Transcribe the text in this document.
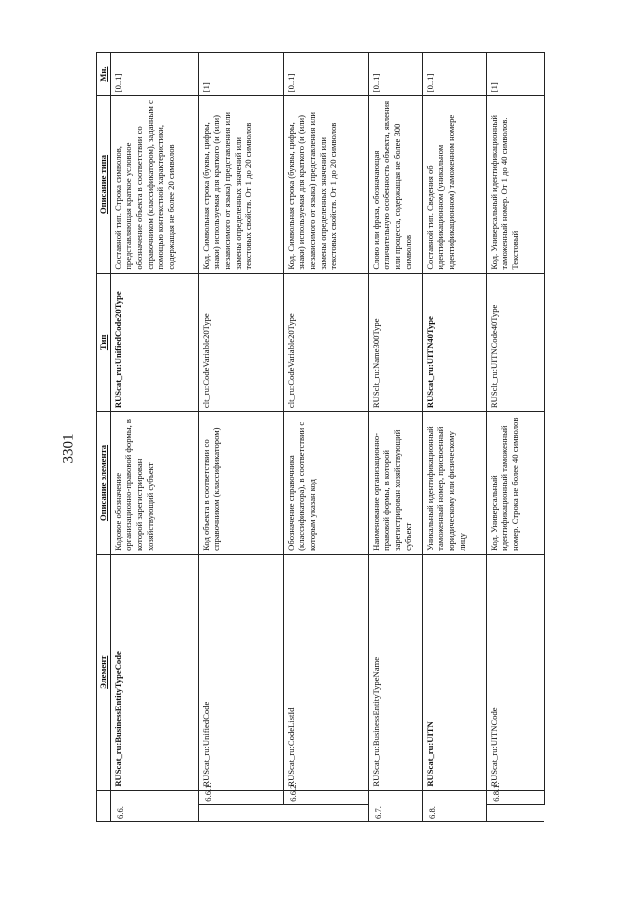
3301
		Элемент	Описание элемента	Тип	Описание типа	Мн.
6.6.		RUScat_ru:BusinessEntityTypeCode	Кодовое обозначение организационно-правовой формы, в которой зарегистрирован хозяйствующий субъект	RUScat_ru:UnifiedCode20Type	Составной тип. Строка символов, представляющая краткое условное обозначение объекта в соответствии со справочником (классификатором), заданным с помощью контекстной характеристики, содержащая не более 20 символов	[0..1]
	6.6.1.	RUScat_ru:UnifiedCode	Код объекта в соответствии со справочником (классификатором)	clt_ru:CodeVariable20Type	Код. Символьная строка (буквы, цифры, знаки) используемая для краткого (и (или) независимого от языка) представления или замены определенных значений или текстовых свойств. От 1 до 20 символов	[1]
	6.6.2.	RUScat_ru:CodeListId	Обозначение справочника (классификатора), в соответствии с которым указан код	clt_ru:CodeVariable20Type	Код. Символьная строка (буквы, цифры, знаки) используемая для краткого (и (или) независимого от языка) представления или замены определенных значений или текстовых свойств. От 1 до 20 символов	[0..1]
6.7.		RUScat_ru:BusinessEntityTypeName	Наименование организационно-правовой формы, в которой зарегистрирован хозяйствующий субъект	RUSclt_ru:Name300Type	Слово или фраза, обозначающая отличительную особенность объекта, явления или процесса, содержащая не более 300 символов	[0..1]
6.8.		RUScat_ru:UITN	Уникальный идентификационный таможенный номер, присвоенный юридическому или физическому лицу	RUScat_ru:UITN40Type	Составной тип. Сведения об идентификационном (уникальном идентификационном) таможенном номере	[0..1]
	6.8.1.	RUScat_ru:UITNCode	Код. Универсальный идентификационный таможенный номер. Строка не более 40 символов	RUSclt_ru:UITNCode40Type	Код. Универсальный идентификационный таможенный номер. От 1 до 40 символов. Текстовый	[1]
